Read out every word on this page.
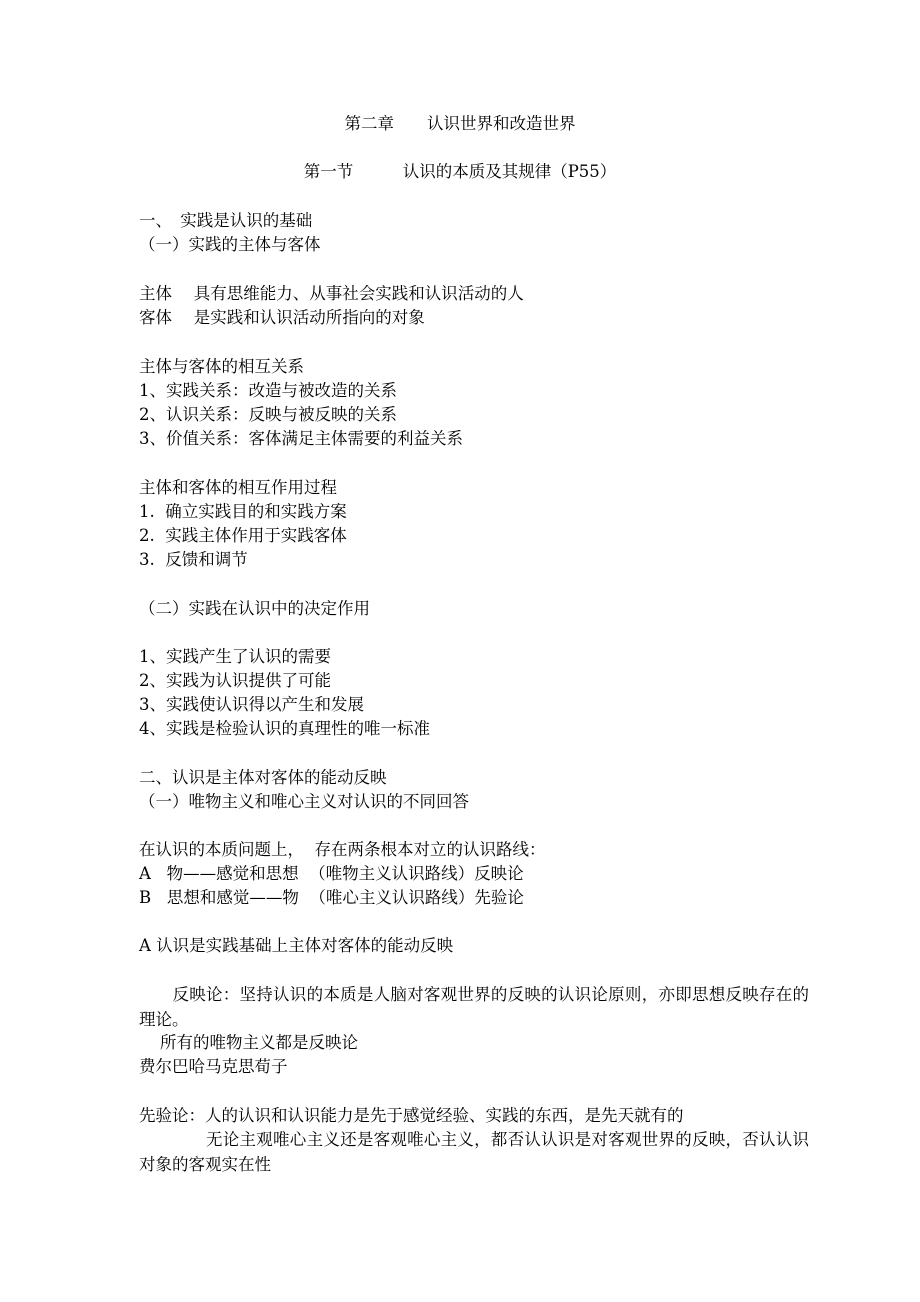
第二章　　认识世界和改造世界
第一节　　　认识的本质及其规律（P55）
一、　实践是认识的基础
（一）实践的主体与客体
主体　 具有思维能力、从事社会实践和认识活动的人
客体　 是实践和认识活动所指向的对象
主体与客体的相互关系
1、实践关系：改造与被改造的关系
2、认识关系：反映与被反映的关系
3、价值关系：客体满足主体需要的利益关系
主体和客体的相互作用过程
1.  确立实践目的和实践方案
2.  实践主体作用于实践客体
3.  反馈和调节
（二）实践在认识中的决定作用
1、实践产生了认识的需要
2、实践为认识提供了可能
3、实践使认识得以产生和发展
4、实践是检验认识的真理性的唯一标准
二、认识是主体对客体的能动反映
（一）唯物主义和唯心主义对认识的不同回答
在认识的本质问题上，  存在两条根本对立的认识路线：
A   物——感觉和思想  （唯物主义认识路线）反映论
B   思想和感觉——物  （唯心主义认识路线）先验论
A 认识是实践基础上主体对客体的能动反映
　　反映论：坚持认识的本质是人脑对客观世界的反映的认识论原则，亦即思想反映存在的理论。
所有的唯物主义都是反映论
费尔巴哈马克思荀子
先验论：人的认识和认识能力是先于感觉经验、实践的东西，是先天就有的
　　　　无论主观唯心主义还是客观唯心主义，都否认认识是对客观世界的反映，否认认识对象的客观实在性
